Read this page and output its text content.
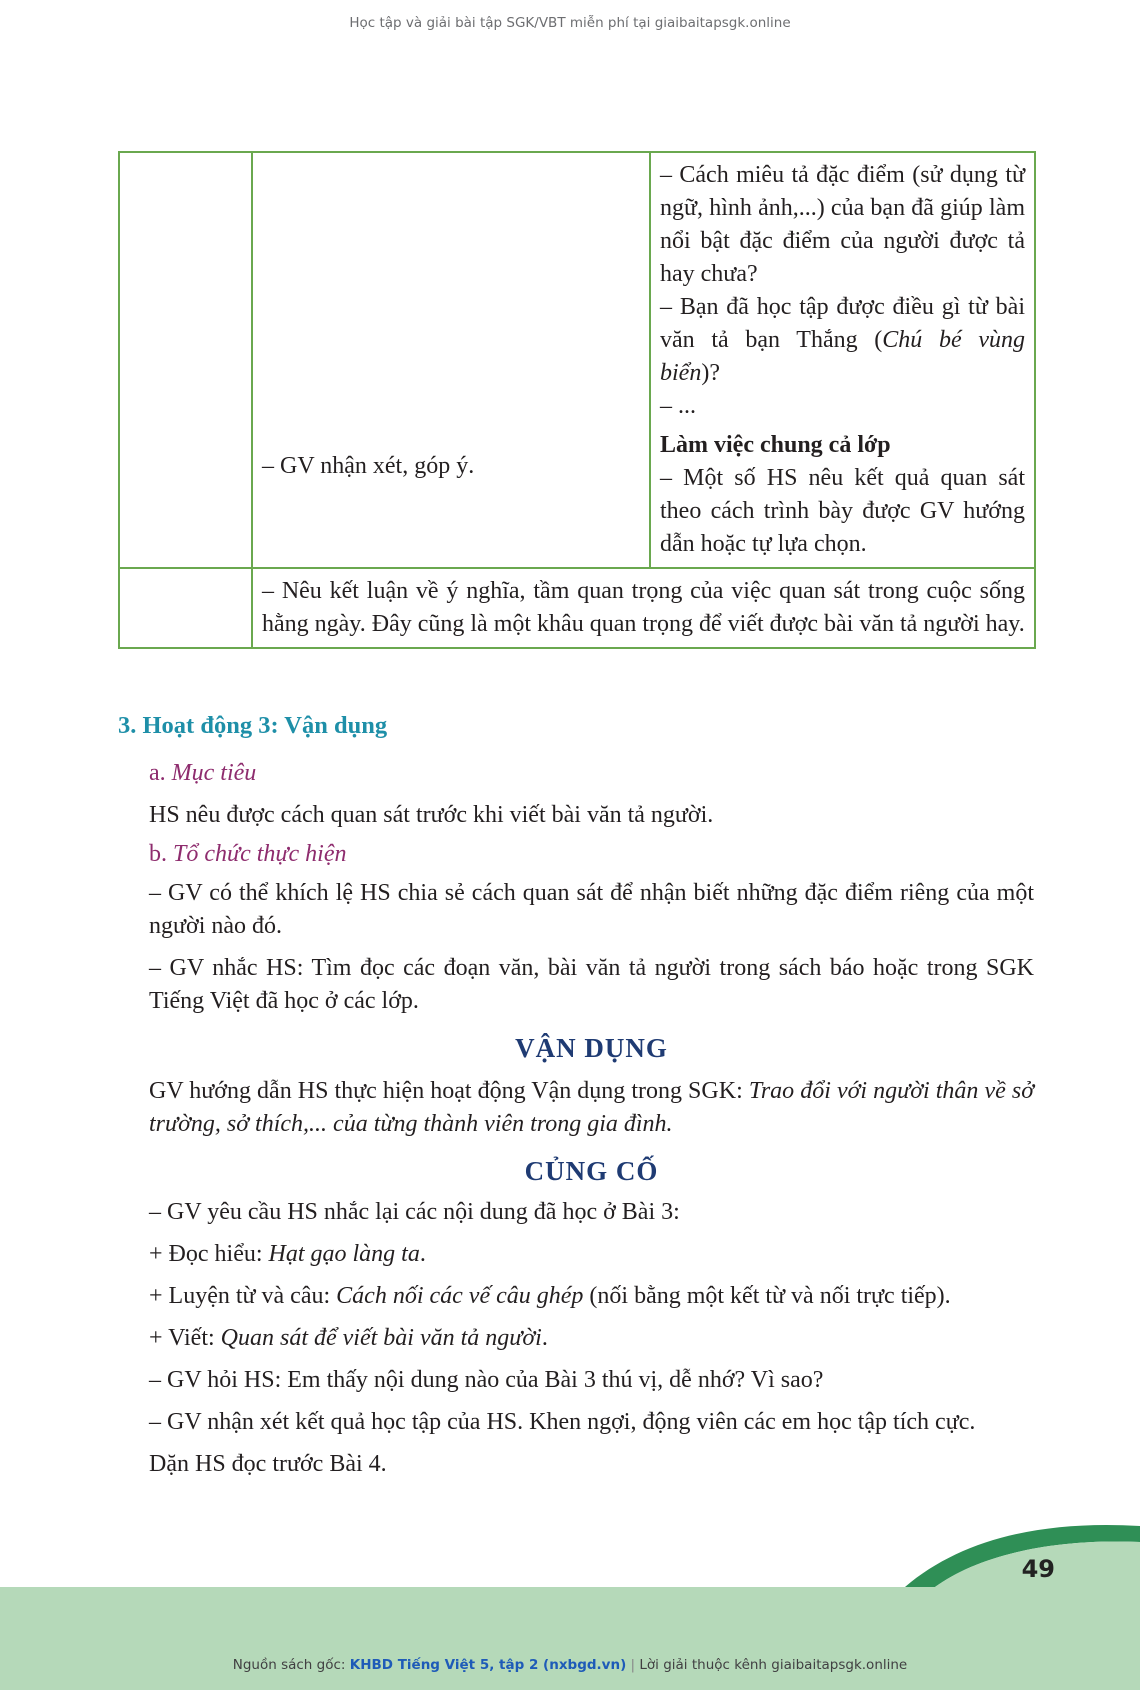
Học tập và giải bài tập SGK/VBT miễn phí tại giaibaitapsgk.online

	– GV nhận xét, góp ý.	– Cách miêu tả đặc điểm (sử dụng từ ngữ, hình ảnh,...) của bạn đã giúp làm nổi bật đặc điểm của người được tả hay chưa?

– Bạn đã học tập được điều gì từ bài văn tả bạn Thắng (Chú bé vùng biển)?

– ...

Làm việc chung cả lớp

– Một số HS nêu kết quả quan sát theo cách trình bày được GV hướng dẫn hoặc tự lựa chọn.

	– Nêu kết luận về ý nghĩa, tầm quan trọng của việc quan sát trong cuộc sống hằng ngày. Đây cũng là một khâu quan trọng để viết được bài văn tả người hay.	
3. Hoạt động 3: Vận dụng

a. Mục tiêu

HS nêu được cách quan sát trước khi viết bài văn tả người.

b. Tổ chức thực hiện

– GV có thể khích lệ HS chia sẻ cách quan sát để nhận biết những đặc điểm riêng của một người nào đó.

– GV nhắc HS: Tìm đọc các đoạn văn, bài văn tả người trong sách báo hoặc trong SGK Tiếng Việt đã học ở các lớp.

VẬN DỤNG

GV hướng dẫn HS thực hiện hoạt động Vận dụng trong SGK: Trao đổi với người thân về sở trường, sở thích,... của từng thành viên trong gia đình.

CỦNG CỐ

– GV yêu cầu HS nhắc lại các nội dung đã học ở Bài 3:

+ Đọc hiểu: Hạt gạo làng ta.

+ Luyện từ và câu: Cách nối các vế câu ghép (nối bằng một kết từ và nối trực tiếp).

+ Viết: Quan sát để viết bài văn tả người.

– GV hỏi HS: Em thấy nội dung nào của Bài 3 thú vị, dễ nhớ? Vì sao?

– GV nhận xét kết quả học tập của HS. Khen ngợi, động viên các em học tập tích cực.

Dặn HS đọc trước Bài 4.

49
Nguồn sách gốc: KHBD Tiếng Việt 5, tập 2 (nxbgd.vn) | Lời giải thuộc kênh giaibaitapsgk.online
